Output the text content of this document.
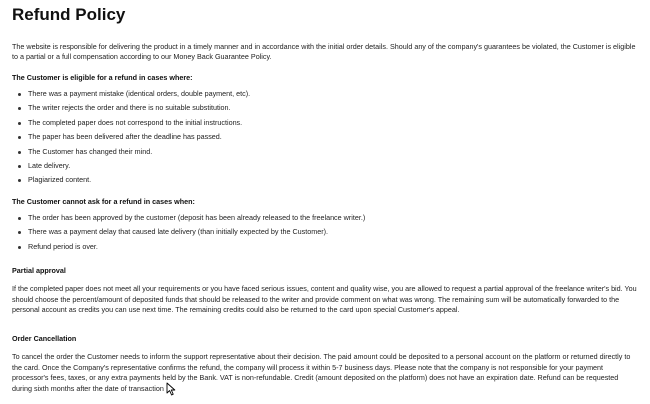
Refund Policy

The website is responsible for delivering the product in a timely manner and in accordance with the initial order details. Should any of the company's guarantees be violated, the Customer is eligible to a partial or a full compensation according to our Money Back Guarantee Policy.

The Customer is eligible for a refund in cases where:

There was a payment mistake (identical orders, double payment, etc).
The writer rejects the order and there is no suitable substitution.
The completed paper does not correspond to the initial instructions.
The paper has been delivered after the deadline has passed.
The Customer has changed their mind.
Late delivery.
Plagiarized content.

The Customer cannot ask for a refund in cases when:

The order has been approved by the customer (deposit has been already released to the freelance writer.)
There was a payment delay that caused late delivery (than initially expected by the Customer).
Refund period is over.

Partial approval

If the completed paper does not meet all your requirements or you have faced serious issues, content and quality wise, you are allowed to request a partial approval of the freelance writer's bid. You should choose the percent/amount of deposited funds that should be released to the writer and provide comment on what was wrong. The remaining sum will be automatically forwarded to the personal account as credits you can use next time. The remaining credits could also be returned to the card upon special Customer's appeal.

Order Cancellation

To cancel the order the Customer needs to inform the support representative about their decision. The paid amount could be deposited to a personal account on the platform or returned directly to the card. Once the Company's representative confirms the refund, the company will process it within 5-7 business days. Please note that the company is not responsible for your payment processor's fees, taxes, or any extra payments held by the Bank. VAT is non-refundable. Credit (amount deposited on the platform) does not have an expiration date. Refund can be requested during sixth months after the date of transaction
